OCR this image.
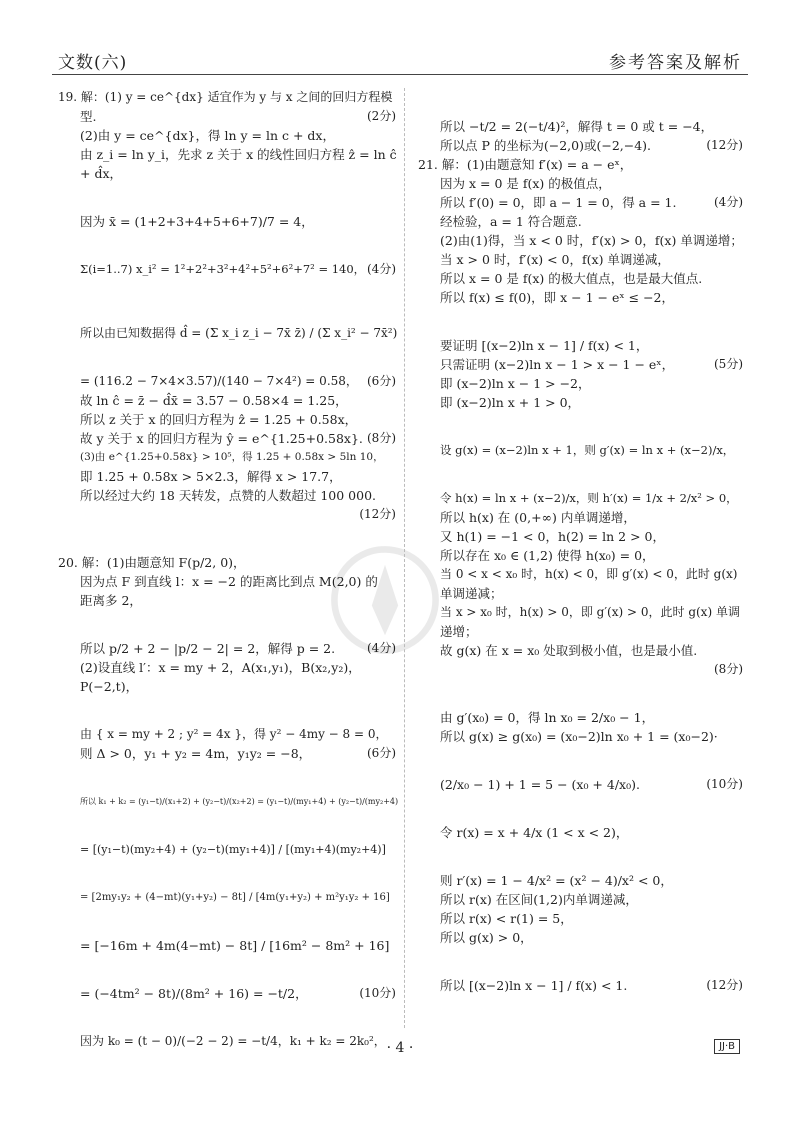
文数(六)	参考答案及解析
19. 解：(1) y = ce^{dx} 适宜作为 y 与 x 之间的回归方程模
型.	(2分)
(2)由 y = ce^{dx}，得 ln y = ln c + dx，
由 z_i = ln y_i，先求 z 关于 x 的线性回归方程 ẑ = ln ĉ
+ d̂x，
因为 x̄ = (1+2+3+4+5+6+7)/7 = 4，
Σ(i=1..7) x_i² = 1²+2²+3²+4²+5²+6²+7² = 140， (4分)
所以由已知数据得 d̂ = (Σ x_i z_i − 7x̄ z̄) / (Σ x_i² − 7x̄²)
= (116.2 − 7×4×3.57)/(140 − 7×4²) = 0.58， (6分)
故 ln ĉ = z̄ − d̂x̄ = 3.57 − 0.58×4 = 1.25，
所以 z 关于 x 的回归方程为 ẑ = 1.25 + 0.58x，
故 y 关于 x 的回归方程为 ŷ = e^{1.25+0.58x}. (8分)
(3)由 e^{1.25+0.58x} > 10⁵，得 1.25 + 0.58x > 5ln 10，
即 1.25 + 0.58x > 5×2.3，解得 x > 17.7，
所以经过大约 18 天转发，点赞的人数超过 100 000.
(12分)
20. 解：(1)由题意知 F(p/2, 0)，
因为点 F 到直线 l：x = −2 的距离比到点 M(2,0) 的
距离多 2，
所以 p/2 + 2 − |p/2 − 2| = 2，解得 p = 2.	(4分)
(2)设直线 l′：x = my + 2，A(x₁,y₁)，B(x₂,y₂)，
P(−2,t)，
由 { x = my + 2 ; y² = 4x }，得 y² − 4my − 8 = 0，
则 Δ > 0，y₁ + y₂ = 4m，y₁y₂ = −8，	(6分)
所以 k₁ + k₂ = (y₁−t)/(x₁+2) + (y₂−t)/(x₂+2) = (y₁−t)/(my₁+4) + (y₂−t)/(my₂+4)
= [(y₁−t)(my₂+4) + (y₂−t)(my₁+4)] / [(my₁+4)(my₂+4)]
= [2my₁y₂ + (4−mt)(y₁+y₂) − 8t] / [4m(y₁+y₂) + m²y₁y₂ + 16]
= [−16m + 4m(4−mt) − 8t] / [16m² − 8m² + 16]
= (−4tm² − 8t)/(8m² + 16) = −t/2，	(10分)
因为 k₀ = (t − 0)/(−2 − 2) = −t/4，k₁ + k₂ = 2k₀²，
所以 −t/2 = 2(−t/4)²，解得 t = 0 或 t = −4，
所以点 P 的坐标为(−2,0)或(−2,−4).	(12分)
21. 解：(1)由题意知 f′(x) = a − eˣ，
因为 x = 0 是 f(x) 的极值点，
所以 f′(0) = 0，即 a − 1 = 0，得 a = 1.	(4分)
经检验，a = 1 符合题意.
(2)由(1)得，当 x < 0 时，f′(x) > 0，f(x) 单调递增；
当 x > 0 时，f′(x) < 0，f(x) 单调递减，
所以 x = 0 是 f(x) 的极大值点，也是最大值点.
所以 f(x) ≤ f(0)，即 x − 1 − eˣ ≤ −2，
要证明 [(x−2)ln x − 1] / f(x) < 1，
只需证明 (x−2)ln x − 1 > x − 1 − eˣ，	(5分)
即 (x−2)ln x − 1 > −2，
即 (x−2)ln x + 1 > 0，
设 g(x) = (x−2)ln x + 1，则 g′(x) = ln x + (x−2)/x，
令 h(x) = ln x + (x−2)/x，则 h′(x) = 1/x + 2/x² > 0，
所以 h(x) 在 (0,+∞) 内单调递增，
又 h(1) = −1 < 0，h(2) = ln 2 > 0，
所以存在 x₀ ∈ (1,2) 使得 h(x₀) = 0，
当 0 < x < x₀ 时，h(x) < 0，即 g′(x) < 0，此时 g(x)
单调递减；
当 x > x₀ 时，h(x) > 0，即 g′(x) > 0，此时 g(x) 单调
递增；
故 g(x) 在 x = x₀ 处取到极小值，也是最小值.
(8分)
由 g′(x₀) = 0，得 ln x₀ = 2/x₀ − 1，
所以 g(x) ≥ g(x₀) = (x₀−2)ln x₀ + 1 = (x₀−2)·
(2/x₀ − 1) + 1 = 5 − (x₀ + 4/x₀).	(10分)
令 r(x) = x + 4/x (1 < x < 2)，
则 r′(x) = 1 − 4/x² = (x² − 4)/x² < 0，
所以 r(x) 在区间(1,2)内单调递减，
所以 r(x) < r(1) = 5，
所以 g(x) > 0，
所以 [(x−2)ln x − 1] / f(x) < 1.	(12分)
· 4 ·	JJ·B
